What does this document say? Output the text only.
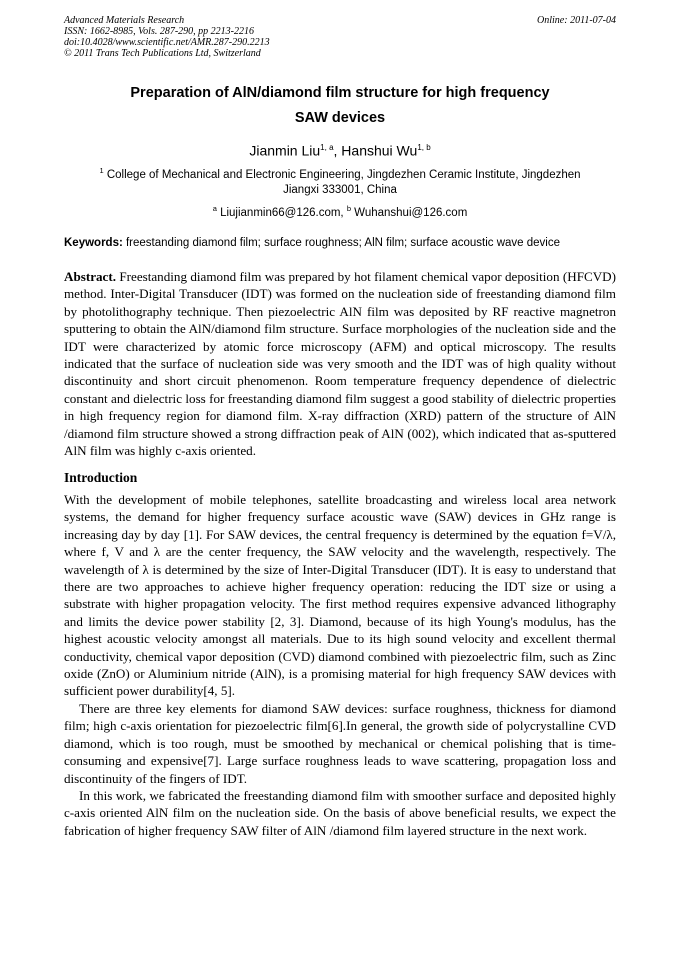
Advanced Materials Research
ISSN: 1662-8985, Vols. 287-290, pp 2213-2216
doi:10.4028/www.scientific.net/AMR.287-290.2213
© 2011 Trans Tech Publications Ltd, Switzerland
Online: 2011-07-04
Preparation of AlN/diamond film structure for high frequency
SAW devices
Jianmin Liu$^{1, a}$, Hanshui Wu$^{1, b}$
$^1$ College of Mechanical and Electronic Engineering, Jingdezhen Ceramic Institute, Jingdezhen
Jiangxi 333001, China
$^a$ Liujianmin66@126.com, $^b$ Wuhanshui@126.com
Keywords: freestanding diamond film; surface roughness; AlN film; surface acoustic wave device
Abstract. Freestanding diamond film was prepared by hot filament chemical vapor deposition (HFCVD) method. Inter-Digital Transducer (IDT) was formed on the nucleation side of freestanding diamond film by photolithography technique. Then piezoelectric AlN film was deposited by RF reactive magnetron sputtering to obtain the AlN/diamond film structure. Surface morphologies of the nucleation side and the IDT were characterized by atomic force microscopy (AFM) and optical microscopy. The results indicated that the surface of nucleation side was very smooth and the IDT was of high quality without discontinuity and short circuit phenomenon. Room temperature frequency dependence of dielectric constant and dielectric loss for freestanding diamond film suggest a good stability of dielectric properties in high frequency region for diamond film. X-ray diffraction (XRD) pattern of the structure of AlN /diamond film structure showed a strong diffraction peak of AlN (002), which indicated that as-sputtered AlN film was highly c-axis oriented.
Introduction

With the development of mobile telephones, satellite broadcasting and wireless local area network systems, the demand for higher frequency surface acoustic wave (SAW) devices in GHz range is increasing day by day [1]. For SAW devices, the central frequency is determined by the equation f=V/λ, where f, V and λ are the center frequency, the SAW velocity and the wavelength, respectively. The wavelength of λ is determined by the size of Inter-Digital Transducer (IDT). It is easy to understand that there are two approaches to achieve higher frequency operation: reducing the IDT size or using a substrate with higher propagation velocity. The first method requires expensive advanced lithography and limits the device power stability [2, 3]. Diamond, because of its high Young's modulus, has the highest acoustic velocity amongst all materials. Due to its high sound velocity and excellent thermal conductivity, chemical vapor deposition (CVD) diamond combined with piezoelectric film, such as Zinc oxide (ZnO) or Aluminium nitride (AlN), is a promising material for high frequency SAW devices with sufficient power durability[4, 5].

There are three key elements for diamond SAW devices: surface roughness, thickness for diamond film; high c-axis orientation for piezoelectric film[6].In general, the growth side of polycrystalline CVD diamond, which is too rough, must be smoothed by mechanical or chemical polishing that is time-consuming and expensive[7]. Large surface roughness leads to wave scattering, propagation loss and discontinuity of the fingers of IDT.

In this work, we fabricated the freestanding diamond film with smoother surface and deposited highly c-axis oriented AlN film on the nucleation side. On the basis of above beneficial results, we expect the fabrication of higher frequency SAW filter of AlN /diamond film layered structure in the next work.
